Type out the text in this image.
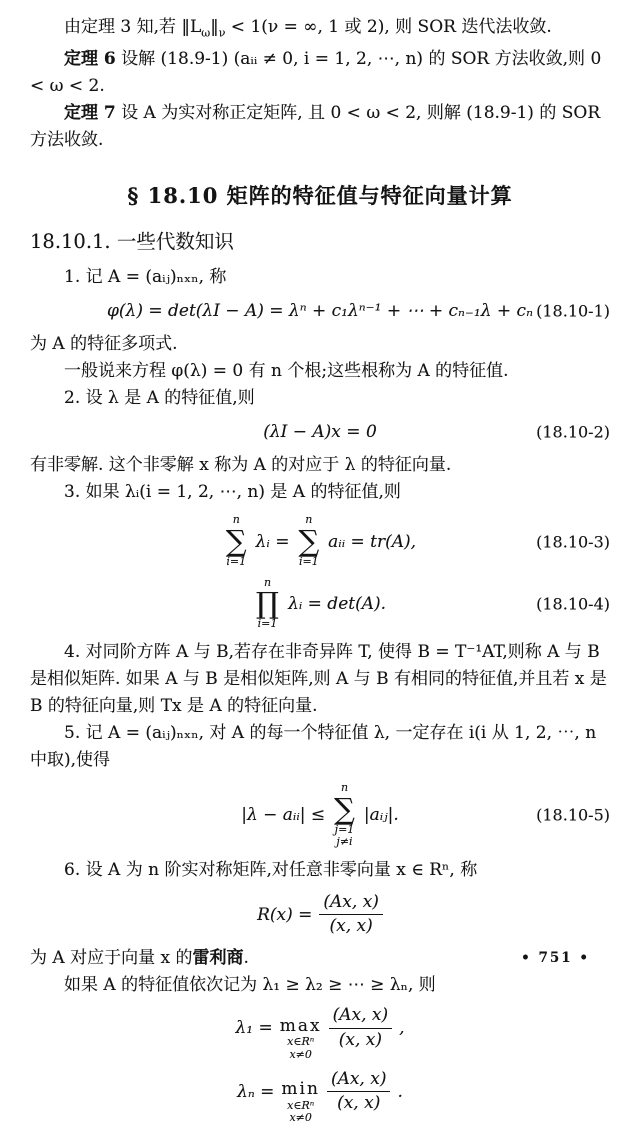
由定理 3 知,若 $‖L_\omega‖_\nu < 1(\nu$ = ∞, 1 或 2), 则 SOR 迭代法收敛.

定理 6 设解 (18.9-1) (aᵢᵢ ≠ 0, i = 1, 2, ⋯, n) 的 SOR 方法收敛,则 0 < ω < 2.

定理 7 设 A 为实对称正定矩阵, 且 0 < ω < 2, 则解 (18.9-1) 的 SOR 方法收敛.

§ 18.10 矩阵的特征值与特征向量计算
18.10.1. 一些代数知识

1. 记 A = (aᵢⱼ)ₙₓₙ, 称

φ(λ) = det(λI − A) = λⁿ + c₁λⁿ⁻¹ + ⋯ + cₙ₋₁λ + cₙ (18.10-1)

为 A 的特征多项式.

一般说来方程 φ(λ) = 0 有 n 个根;这些根称为 A 的特征值.

2. 设 λ 是 A 的特征值,则

(λI − A)x = 0	(18.10-2)

有非零解. 这个非零解 x 称为 A 的对应于 λ 的特征向量.

3. 如果 λᵢ(i = 1, 2, ⋯, n) 是 A 的特征值,则

n
∑
i=1
λᵢ =
n
∑
i=1
aᵢᵢ = tr(A),	(18.10-3)
n
∏
i=1
λᵢ = det(A).	(18.10-4)

4. 对同阶方阵 A 与 B,若存在非奇异阵 T, 使得 B = T⁻¹AT,则称 A 与 B 是相似矩阵. 如果 A 与 B 是相似矩阵,则 A 与 B 有相同的特征值,并且若 x 是 B 的特征向量,则 Tx 是 A 的特征向量.

5. 记 A = (aᵢⱼ)ₙₓₙ, 对 A 的每一个特征值 λ, 一定存在 i(i 从 1, 2, ⋯, n 中取),使得

|λ − aᵢᵢ| ≤
n
∑
j=1
j≠i
|aᵢⱼ|.	(18.10-5)

6. 设 A 为 n 阶实对称矩阵,对任意非零向量 x ∈ Rⁿ, 称

$R(x) = \frac{(Ax, x)}{(x, x)}$

为 A 对应于向量 x 的雷利商.

如果 A 的特征值依次记为 λ₁ ≥ λ₂ ≥ ⋯ ≥ λₙ, 则

λ₁ = max
x∈Rⁿ
x≠0
$\frac{(Ax, x)}{(x, x)}$ ,
λₙ = min
x∈Rⁿ
x≠0
$\frac{(Ax, x)}{(x, x)}$ .
• 751 •
